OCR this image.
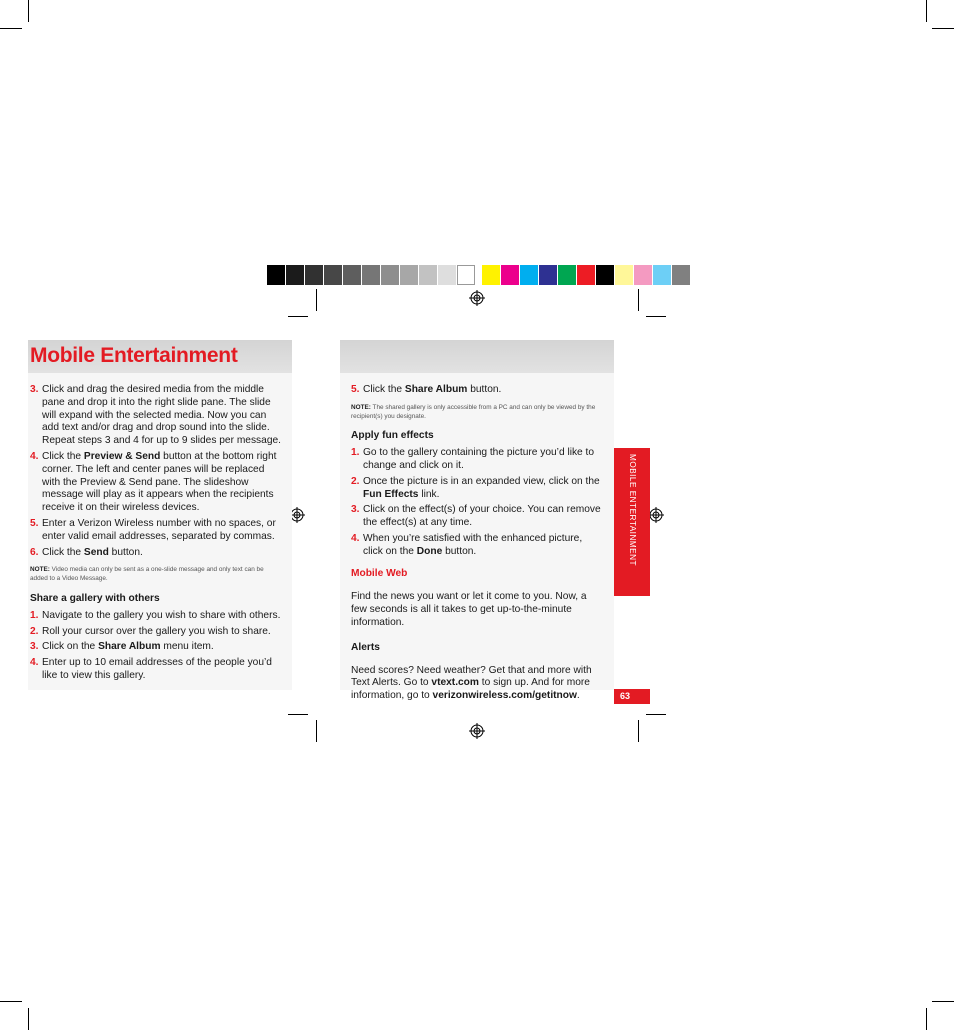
Mobile Entertainment
3. Click and drag the desired media from the middle pane and drop it into the right slide pane. The slide will expand with the selected media. Now you can add text and/or drag and drop sound into the slide. Repeat steps 3 and 4 for up to 9 slides per message.
4. Click the Preview & Send button at the bottom right corner. The left and center panes will be replaced with the Preview & Send pane. The slideshow message will play as it appears when the recipients receive it on their wireless devices.
5. Enter a Verizon Wireless number with no spaces, or enter valid email addresses, separated by commas.
6. Click the Send button.
NOTE: Video media can only be sent as a one-slide message and only text can be added to a Video Message.
Share a gallery with others
1. Navigate to the gallery you wish to share with others.
2. Roll your cursor over the gallery you wish to share.
3. Click on the Share Album menu item.
4. Enter up to 10 email addresses of the people you’d like to view this gallery.
5. Click the Share Album button.
NOTE: The shared gallery is only accessible from a PC and can only be viewed by the recipient(s) you designate.
Apply fun effects
1. Go to the gallery containing the picture you’d like to change and click on it.
2. Once the picture is in an expanded view, click on the Fun Effects link.
3. Click on the effect(s) of your choice. You can remove the effect(s) at any time.
4. When you’re satisfied with the enhanced picture, click on the Done button.
Mobile Web

Find the news you want or let it come to you. Now, a few seconds is all it takes to get up-to-the-minute information.

Alerts

Need scores? Need weather? Get that and more with Text Alerts. Go to vtext.com to sign up. And for more information, go to verizonwireless.com/getitnow.

MOBILE ENTERTAINMENT
63
